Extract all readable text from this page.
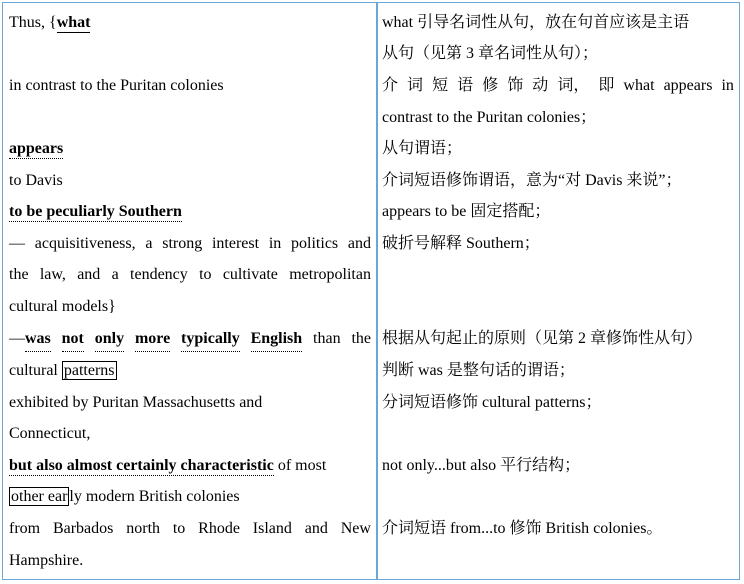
Thus, {what
in contrast to the Puritan colonies
appears
to Davis
to be peculiarly Southern
— acquisitiveness, a strong interest in politics and
the law, and a tendency to cultivate metropolitan
cultural models}
—was not only more typically English than the
cultural patterns
exhibited by Puritan Massachusetts and
Connecticut,
but also almost certainly characteristic of most
other ear ly modern British colonies
from Barbados north to Rhode Island and New
Hampshire.
what 引导名词性从句，放在句首应该是主语
从句（见第 3 章名词性从句）；
介 词 短 语 修 饰 动 词， 即 what appears in
contrast to the Puritan colonies；
从句谓语；
介词短语修饰谓语，意为“对 Davis 来说”；
appears to be 固定搭配；
破折号解释 Southern；
根据从句起止的原则（见第 2 章修饰性从句）
判断 was 是整句话的谓语；
分词短语修饰 cultural patterns；
not only...but also 平行结构；
介词短语 from...to 修饰 British colonies。
